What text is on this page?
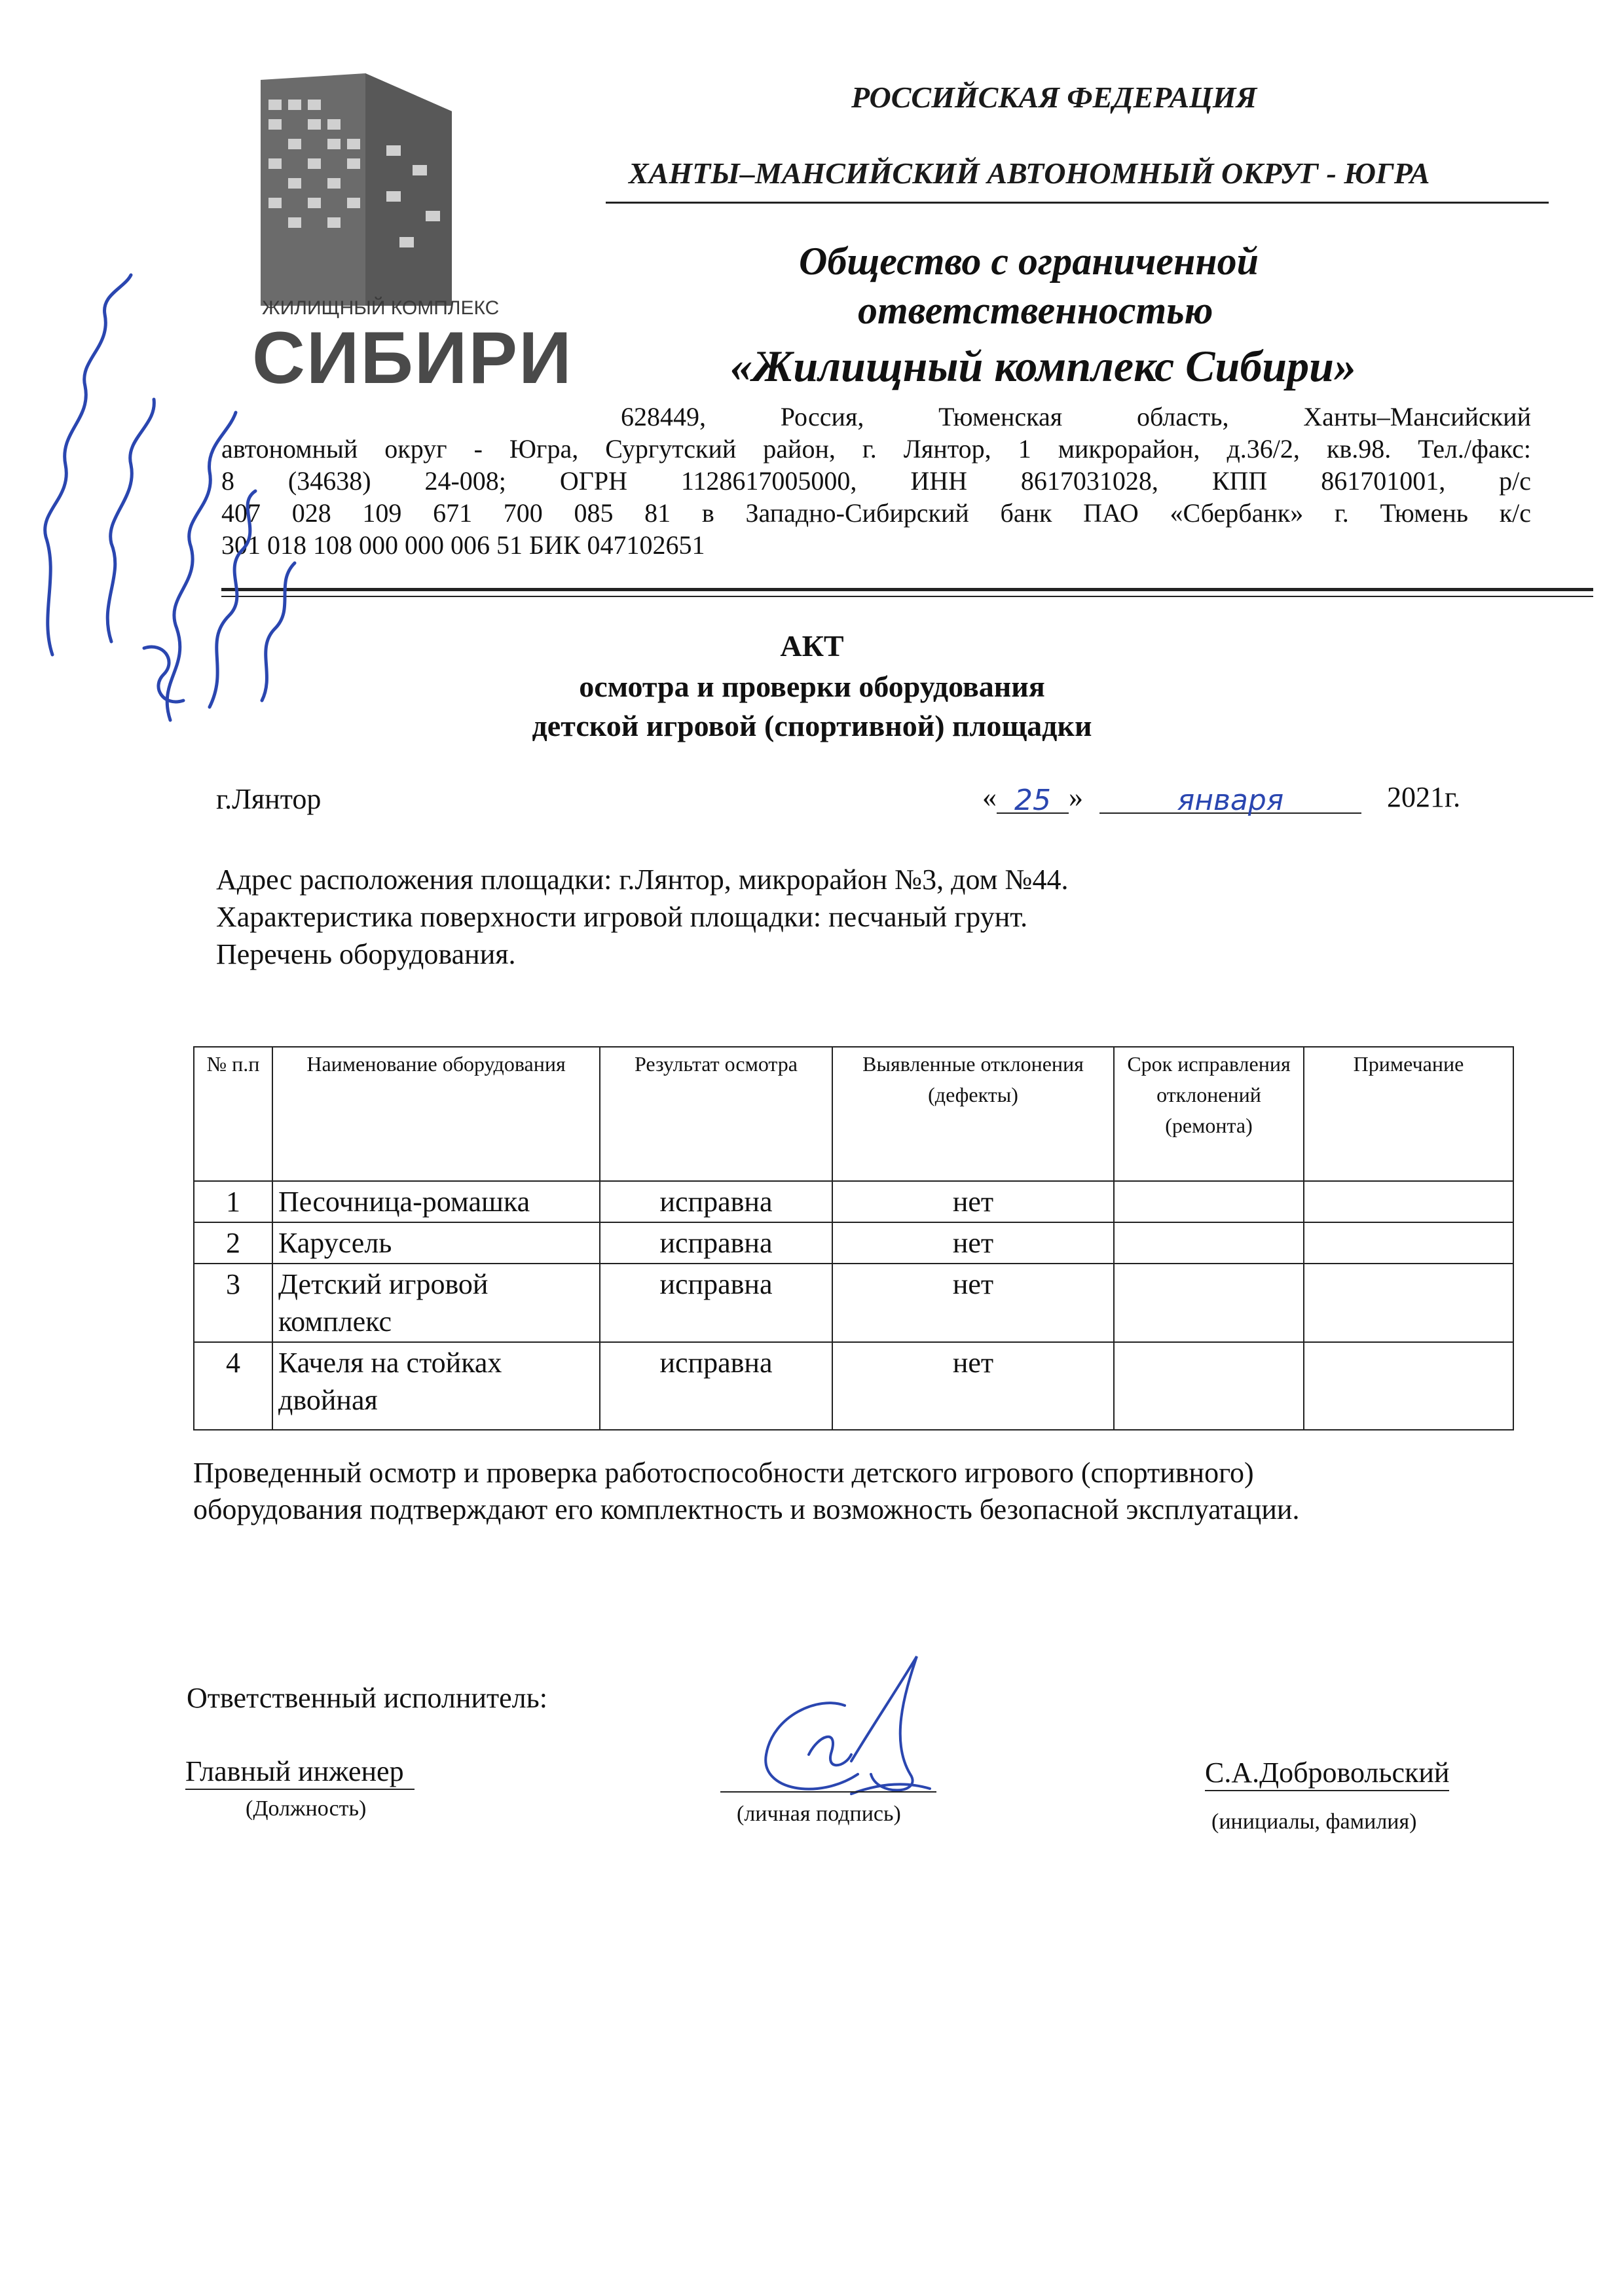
ЖИЛИЩНЫЙ КОМПЛЕКС
СИБИРИ
РОССИЙСКАЯ ФЕДЕРАЦИЯ
ХАНТЫ–МАНСИЙСКИЙ АВТОНОМНЫЙ ОКРУГ - ЮГРА
Общество с ограниченной
ответственностью
«Жилищный комплекс Сибири»
628449, Россия, Тюменская область, Ханты–Мансийский
автономный округ - Югра, Сургутский район, г. Лянтор, 1 микрорайон, д.36/2, кв.98. Тел./факс:
8 (34638) 24-008; ОГРН 1128617005000, ИНН 8617031028, КПП 861701001, р/с
407 028 109 671 700 085 81 в Западно-Сибирский банк ПАО «Сбербанк» г. Тюмень к/с
301 018 108 000 000 006 51 БИК 047102651
АКТ
осмотра и проверки оборудования
детской игровой (спортивной) площадки
г.Лянтор	« 25 »	января	2021г.
Адрес расположения площадки: г.Лянтор, микрорайон №3, дом №44.
Характеристика поверхности игровой площадки: песчаный грунт.
Перечень оборудования.
№ п.п	Наименование оборудования	Результат осмотра	Выявленные отклонения (дефекты)	Срок исправления отклонений (ремонта)	Примечание
1	Песочница-ромашка	исправна	нет		
2	Карусель	исправна	нет		
3	Детский игровой комплекс	исправна	нет		
4	Качеля на стойках двойная	исправна	нет		
Проведенный осмотр и проверка работоспособности детского игрового (спортивного)
оборудования подтверждают его комплектность и возможность безопасной эксплуатации.
Ответственный исполнитель:
Главный инженер
(Должность)	(личная подпись)
С.А.Добровольский
(инициалы, фамилия)
